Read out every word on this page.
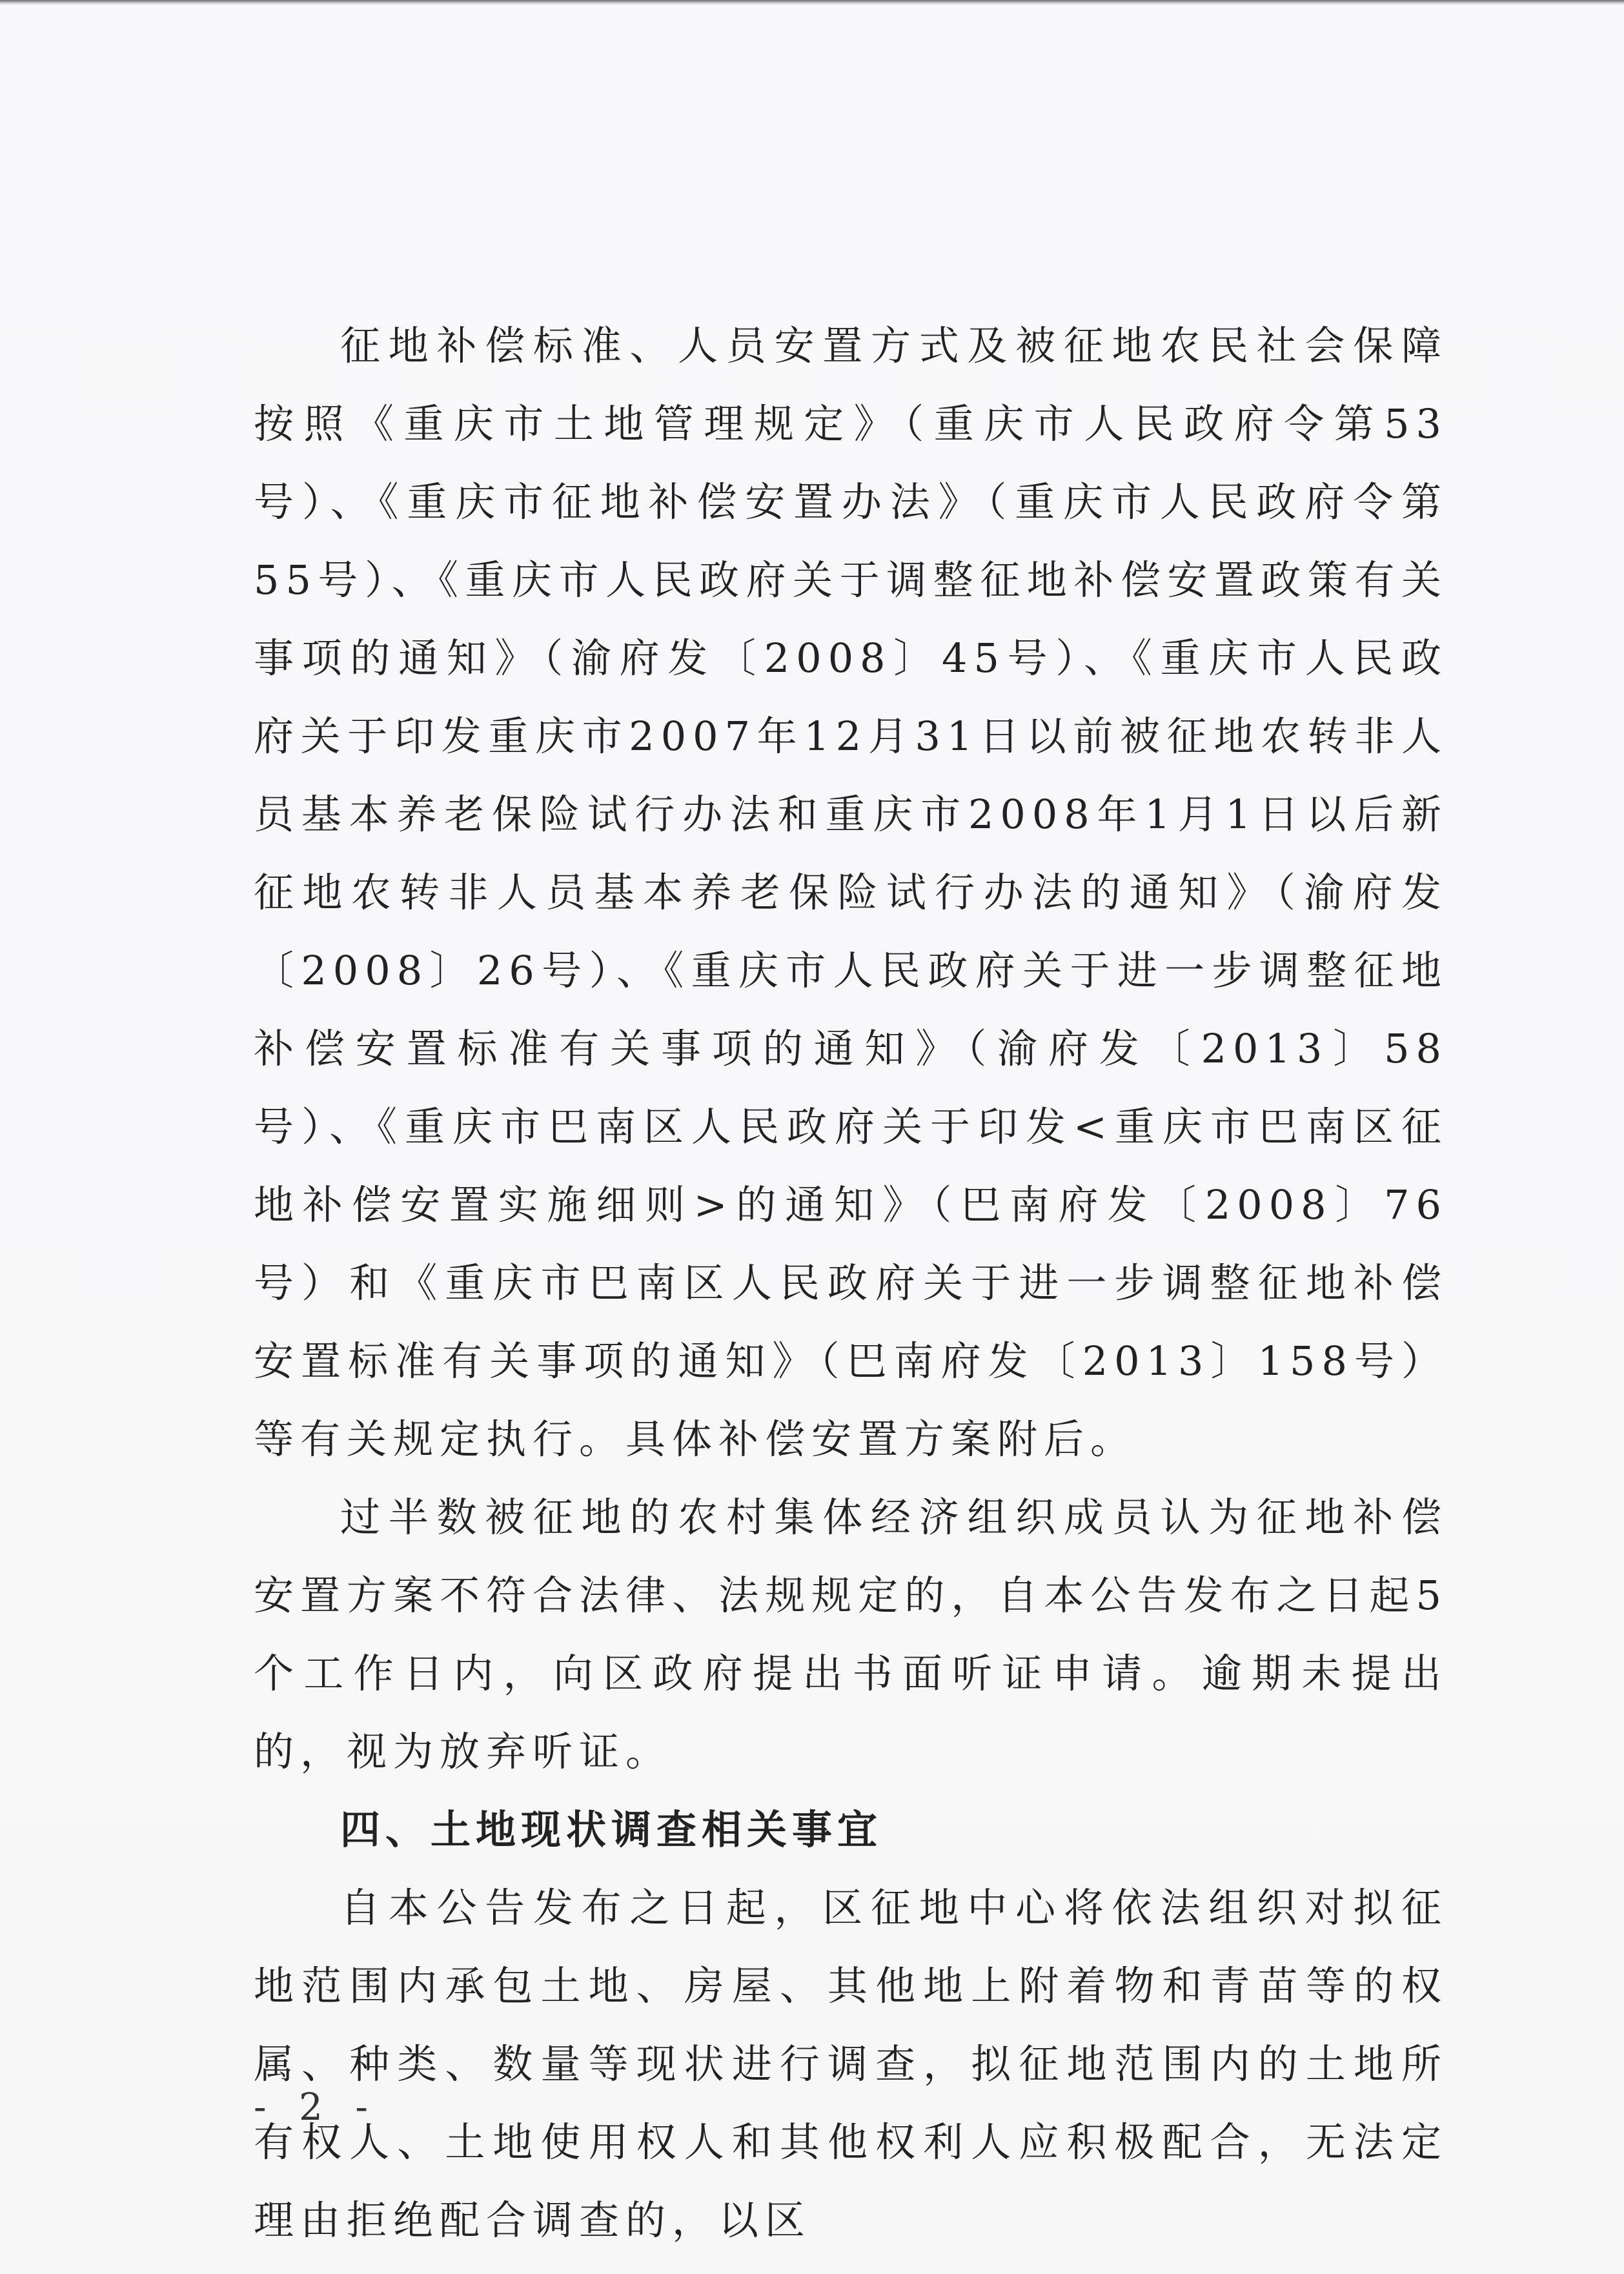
征地补偿标准、人员安置方式及被征地农民社会保障按照《重庆市土地管理规定》（重庆市人民政府令第53号）、《重庆市征地补偿安置办法》（重庆市人民政府令第55号）、《重庆市人民政府关于调整征地补偿安置政策有关事项的通知》（渝府发〔2008〕45号）、《重庆市人民政府关于印发重庆市2007年12月31日以前被征地农转非人员基本养老保险试行办法和重庆市2008年1月1日以后新征地农转非人员基本养老保险试行办法的通知》（渝府发〔2008〕26号）、《重庆市人民政府关于进一步调整征地补偿安置标准有关事项的通知》（渝府发〔2013〕58号）、《重庆市巴南区人民政府关于印发<重庆市巴南区征地补偿安置实施细则>的通知》（巴南府发〔2008〕76号）和《重庆市巴南区人民政府关于进一步调整征地补偿安置标准有关事项的通知》（巴南府发〔2013〕158号）等有关规定执行。具体补偿安置方案附后。

过半数被征地的农村集体经济组织成员认为征地补偿安置方案不符合法律、法规规定的，自本公告发布之日起5个工作日内，向区政府提出书面听证申请。逾期未提出的，视为放弃听证。

四、土地现状调查相关事宜

自本公告发布之日起，区征地中心将依法组织对拟征地范围内承包土地、房屋、其他地上附着物和青苗等的权属、种类、数量等现状进行调查，拟征地范围内的土地所有权人、土地使用权人和其他权利人应积极配合，无法定理由拒绝配合调查的，以区

- 2 -
